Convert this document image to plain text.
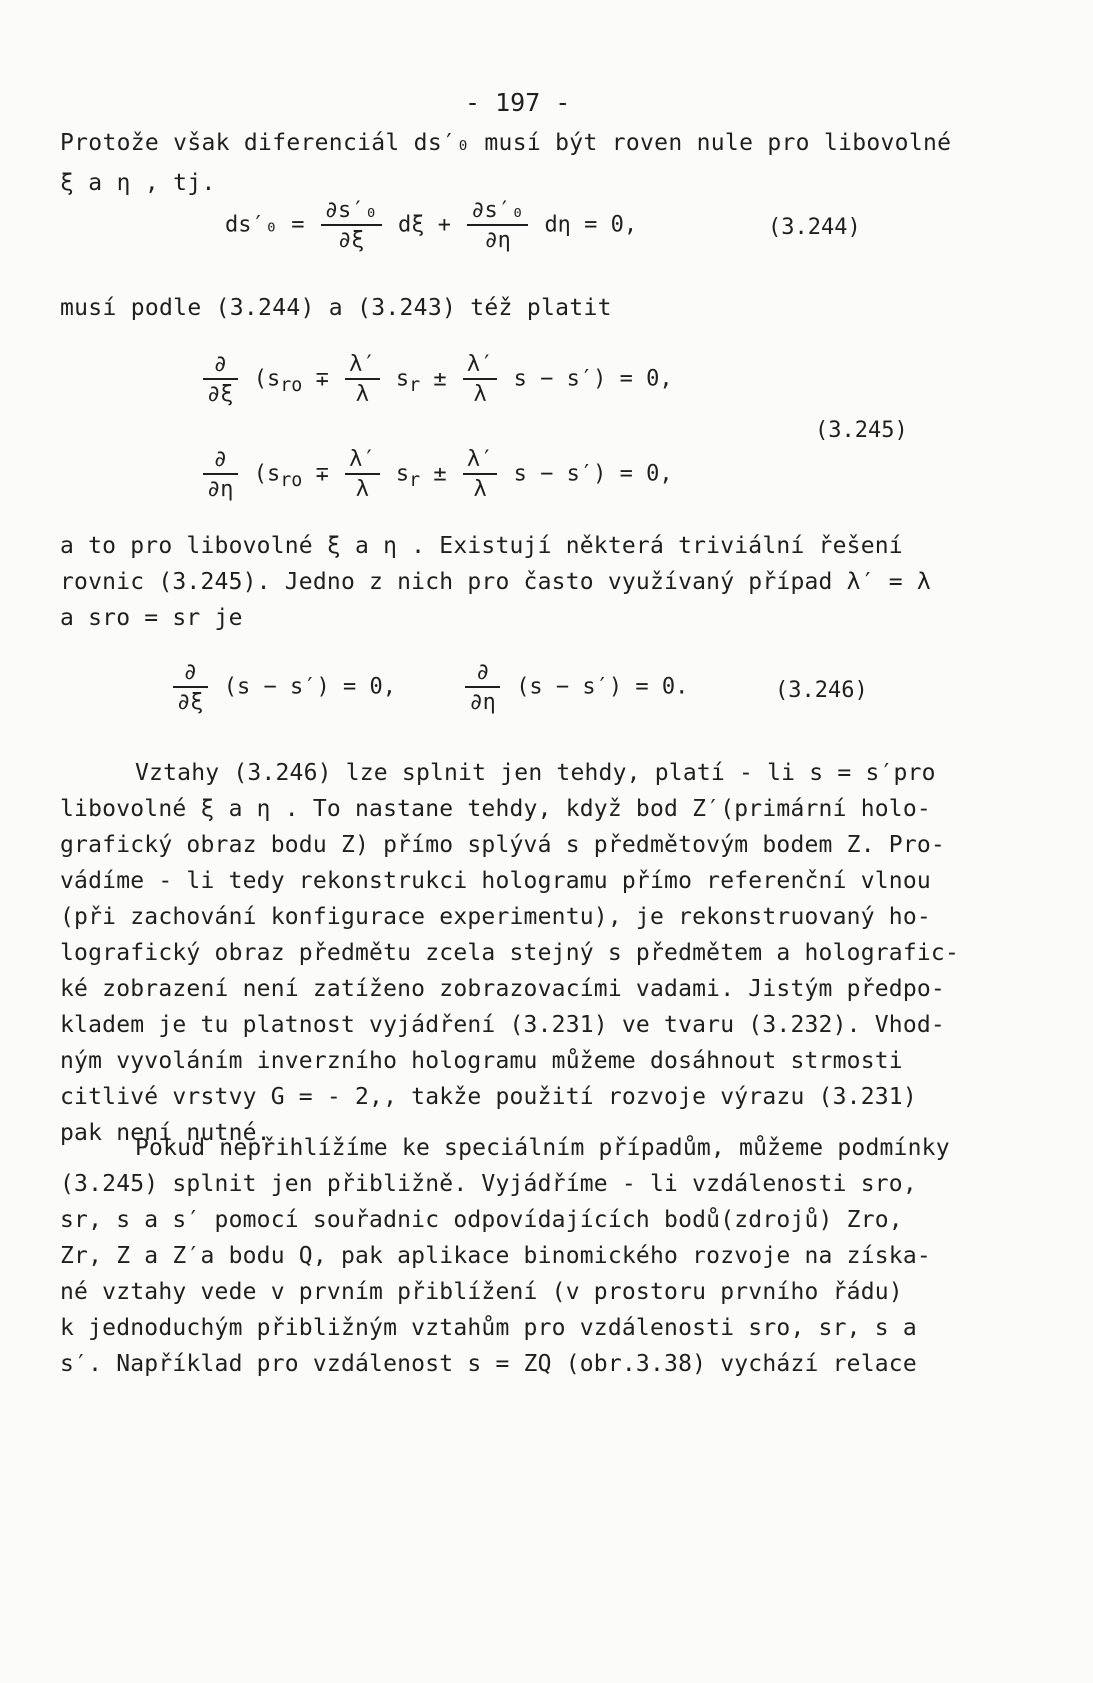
- 197 -
Protože však diferenciál ds′₀ musí být roven nule pro libovolné
ξ a η , tj.
$ds'_0 = \frac{\text{∂s′₀}}{\partial\xi}$ $d\xi + \frac{\text{∂s′₀}}{\partial\eta}$ dη = 0,	(3.244)
musí podle (3.244) a (3.243) též platit
$\frac{\partial}{\partial\xi} (s_{ro} \mp \frac{\lambda'}{\lambda} s_r \pm \frac{\lambda'}{\lambda}$ s − s′) = 0,
$\frac{\partial}{\partial\eta} (s_{ro} \mp \frac{\lambda'}{\lambda} s_r \pm \frac{\lambda'}{\lambda}$ s − s′) = 0,
(3.245)
a to pro libovolné ξ a η . Existují některá triviální řešení
rovnic (3.245). Jedno z nich pro často využívaný případ λ′ = λ
a sro = sr je
$\frac{\partial}{\partial\xi} (s - s') = 0$,	$\frac{\partial}{\partial\eta} (s - s') = 0$.	(3.246)
Vztahy (3.246) lze splnit jen tehdy, platí - li s = s′pro
libovolné ξ a η . To nastane tehdy, když bod Z′(primární holo-
grafický obraz bodu Z) přímo splývá s předmětovým bodem Z. Pro-
vádíme - li tedy rekonstrukci hologramu přímo referenční vlnou
(při zachování konfigurace experimentu), je rekonstruovaný ho-
lografický obraz předmětu zcela stejný s předmětem a holografic-
ké zobrazení není zatíženo zobrazovacími vadami. Jistým předpo-
kladem je tu platnost vyjádření (3.231) ve tvaru (3.232). Vhod-
ným vyvoláním inverzního hologramu můžeme dosáhnout strmosti
citlivé vrstvy G = - 2,, takže použití rozvoje výrazu (3.231)
pak není nutné.
Pokud nepřihlížíme ke speciálním případům, můžeme podmínky
(3.245) splnit jen přibližně. Vyjádříme - li vzdálenosti sro,
sr, s a s′ pomocí souřadnic odpovídajících bodů(zdrojů) Zro,
Zr, Z a Z′a bodu Q, pak aplikace binomického rozvoje na získa-
né vztahy vede v prvním přiblížení (v prostoru prvního řádu)
k jednoduchým přibližným vztahům pro vzdálenosti sro, sr, s a
s′. Například pro vzdálenost s = ZQ (obr.3.38) vychází relace
